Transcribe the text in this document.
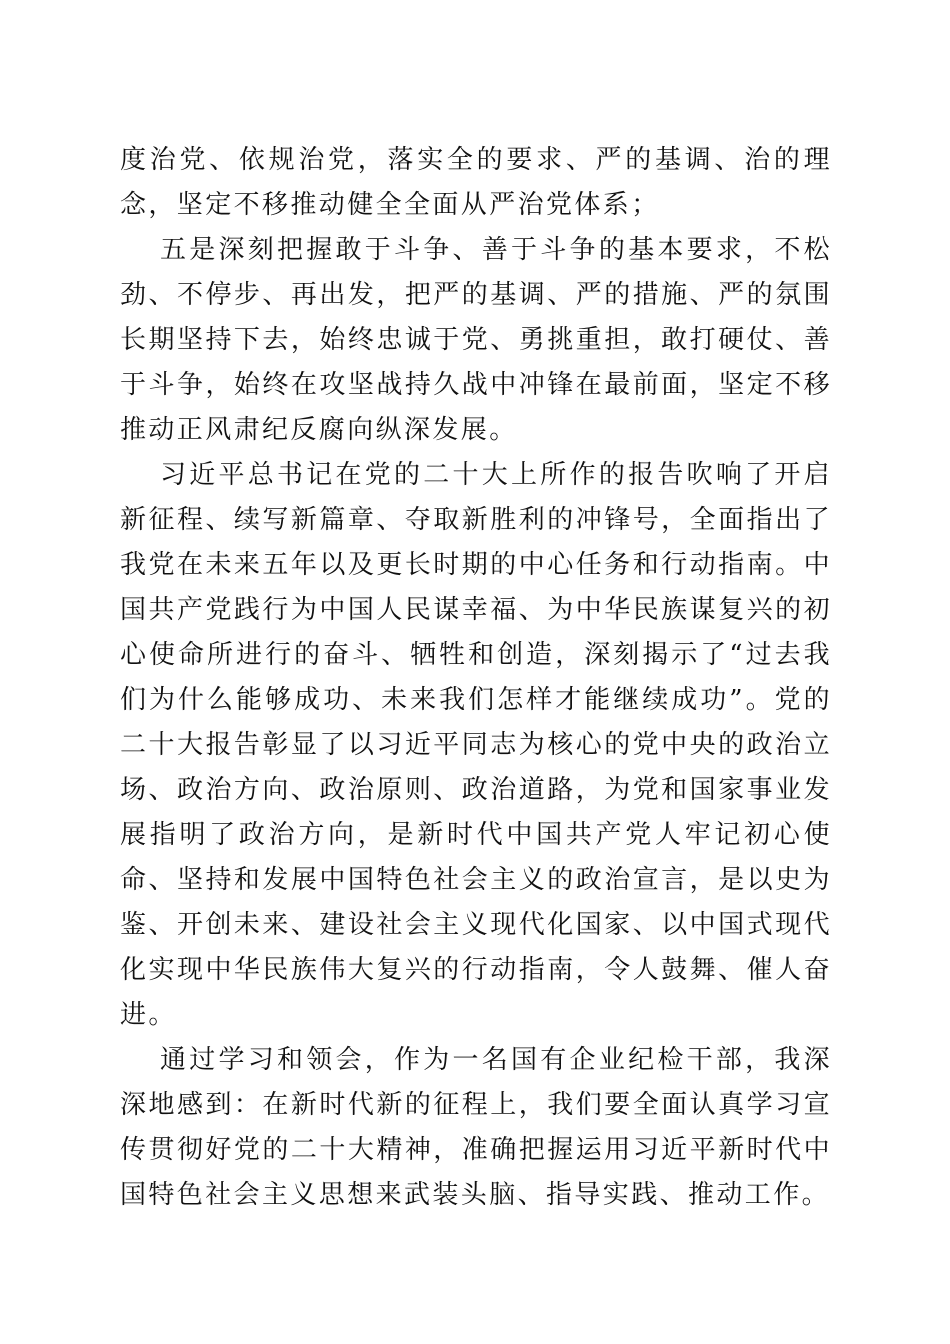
度治党、依规治党，落实全的要求、严的基调、治的理念，坚定不移推动健全全面从严治党体系；

五是深刻把握敢于斗争、善于斗争的基本要求，不松劲、不停步、再出发，把严的基调、严的措施、严的氛围长期坚持下去，始终忠诚于党、勇挑重担，敢打硬仗、善于斗争，始终在攻坚战持久战中冲锋在最前面，坚定不移推动正风肃纪反腐向纵深发展。

习近平总书记在党的二十大上所作的报告吹响了开启新征程、续写新篇章、夺取新胜利的冲锋号，全面指出了我党在未来五年以及更长时期的中心任务和行动指南。中国共产党践行为中国人民谋幸福、为中华民族谋复兴的初心使命所进行的奋斗、牺牲和创造，深刻揭示了“过去我们为什么能够成功、未来我们怎样才能继续成功”。党的二十大报告彰显了以习近平同志为核心的党中央的政治立场、政治方向、政治原则、政治道路，为党和国家事业发展指明了政治方向，是新时代中国共产党人牢记初心使命、坚持和发展中国特色社会主义的政治宣言，是以史为鉴、开创未来、建设社会主义现代化国家、以中国式现代化实现中华民族伟大复兴的行动指南，令人鼓舞、催人奋进。

通过学习和领会，作为一名国有企业纪检干部，我深深地感到：在新时代新的征程上，我们要全面认真学习宣传贯彻好党的二十大精神，准确把握运用习近平新时代中国特色社会主义思想来武装头脑、指导实践、推动工作。
